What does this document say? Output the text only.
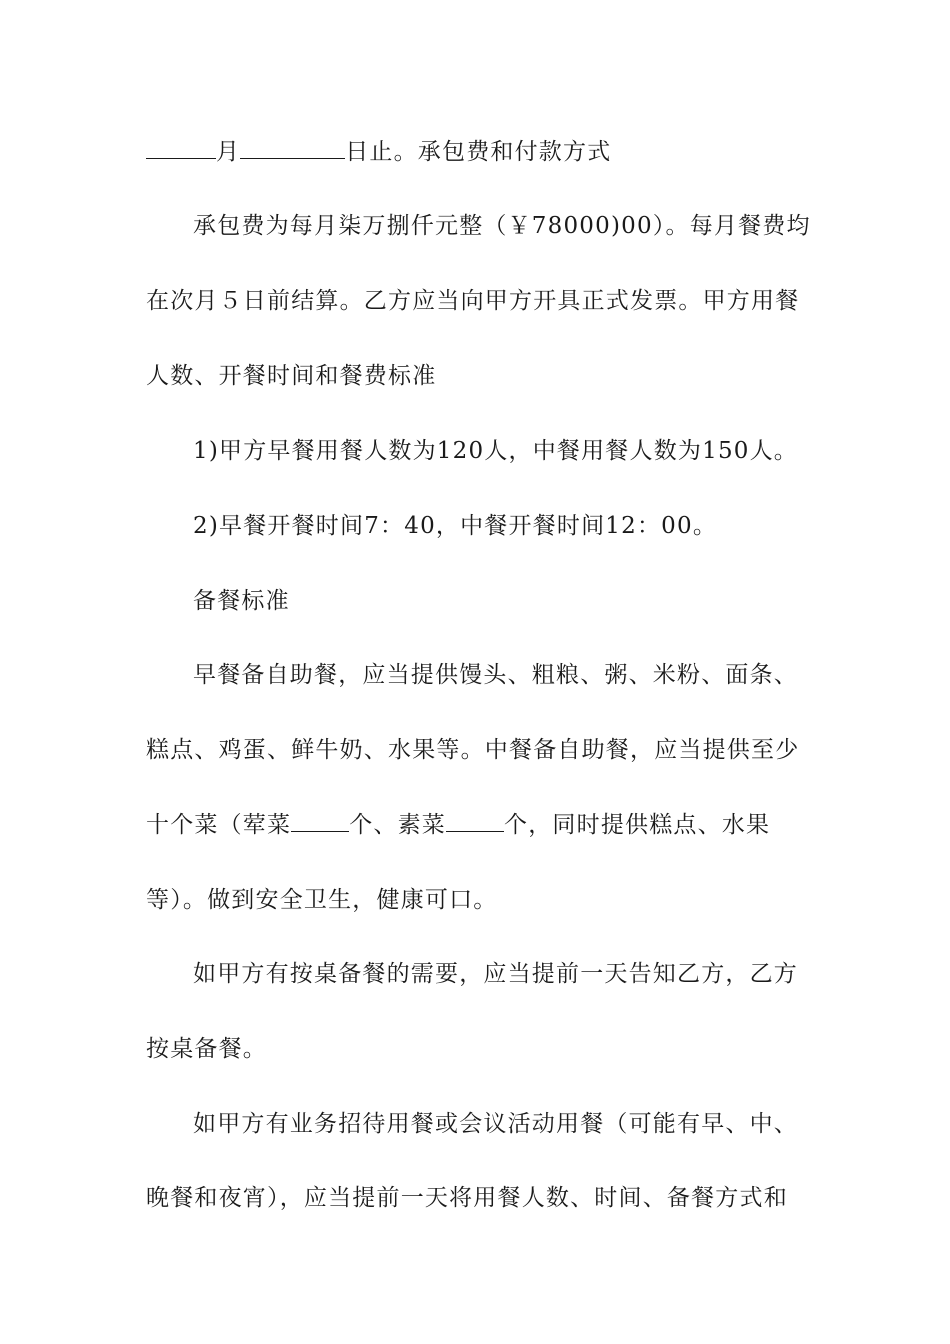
月	日止。承包费和付款方式
承包费为每月柒万捌仟元整（￥78000)00）。每月餐费均
在次月５日前结算。乙方应当向甲方开具正式发票。甲方用餐
人数、开餐时间和餐费标准
1)甲方早餐用餐人数为120人，中餐用餐人数为150人。
2)早餐开餐时间7：40，中餐开餐时间12：00。
备餐标准
早餐备自助餐，应当提供馒头、粗粮、粥、米粉、面条、
糕点、鸡蛋、鲜牛奶、水果等。中餐备自助餐，应当提供至少
十个菜（荤菜	个、素菜	个，同时提供糕点、水果
等）。做到安全卫生，健康可口。
如甲方有按桌备餐的需要，应当提前一天告知乙方，乙方
按桌备餐。
如甲方有业务招待用餐或会议活动用餐（可能有早、中、
晚餐和夜宵），应当提前一天将用餐人数、时间、备餐方式和
